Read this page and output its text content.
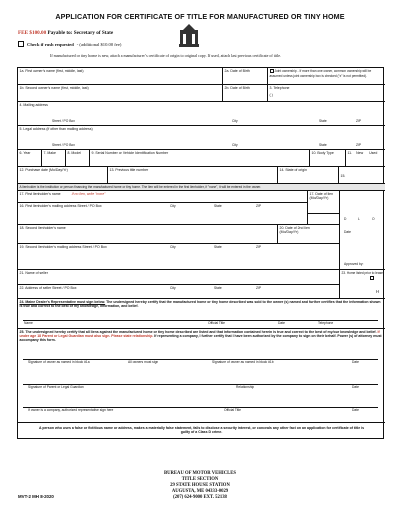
APPLICATION FOR CERTIFICATE OF TITLE FOR MANUFACTURED OR TINY HOME
FEE $100.00 Payable to: Secretary of State
Check if rush requested - (additional $10.00 fee)
If manufactured or tiny home is new, attach a manufacturer’s certificate of origin to original copy. If used, attach last previous certificate of title.
1a. First owner’s name (first, middle, last)	2a. Date of Birth	Joint ownership - If more than one owner, common ownership will be assumed unless joint ownership box is checked (“x” is not permitted).
1b. Second owner’s name (first, middle, last)	2b. Date of Birth	3. Telephone
( )
4. Mailing address
Street / PO Box	City	State	ZIP
5. Legal address (if other than mailing address)
Street / PO Box	City	State	ZIP
6. Year	7. Make	8. Model	9. Serial Number or Vehicle Identification Number	10. Body Type	11. New Used
12. Purchase date (Mo/Day/Yr)	13. Previous title number	14. State of origin
15.
A lienholder is the institution or person financing the manufactured home or tiny home. The lien will be entered in the first lienholder, if "none", it will be entered in the owner.
17. First lienholder’s name	If no lien, write "none"	17. Date of lien
(Mo/Day/Yr)
D	L	O
Date
Approved by:
16. First lienholder’s mailing address Street / PO Box	City	State	ZIP
18. Second lienholder’s name	20. Date of 2nd lien
(Mo/Day/Yr)
19. Second lienholder’s mailing address Street / PO Box	City	State	ZIP
21. Name of seller	23. Home listed prior to lease
H
22. Address of seller Street / PO Box	City	State	ZIP
24. Maine Dealer’s Representative must sign below. The undersigned hereby certify that the manufactured home or tiny home described was sold to the owner (s) named and further certifies that the information shown is true and correct to the best of my knowledge, information, and belief.
Name	Official Title	Date	Telephone
25. The undersigned hereby certify that all liens against the manufactured home or tiny home described are listed and that information contained herein is true and correct to the best of my/our knowledge and belief. If under age 18 Parent or Legal Guardian must also sign. Please state relationship. If representing a company, I further certify that I have been authorized by the company to sign on their behalf. Power (s) of attorney must accompany this form.
Signature of owner as named in block #1a	All owners must sign	Signature of owner as named in block #1b	Date
Signature of Parent or Legal Guardian	Relationship	Date
If owner is a company, authorized representative sign here	Official Title	Date
A person who uses a false or fictitious name or address, makes a materially false statement, fails to disclose a security interest, or conceals any other fact on an application for certificate of title is guilty of a Class D crime.
BUREAU OF MOTOR VEHICLES
TITLE SECTION
29 STATE HOUSE STATION
AUGUSTA, ME 04333-0029
(207) 624-9000 EXT. 52138
MVT-2 MH 8-2020
